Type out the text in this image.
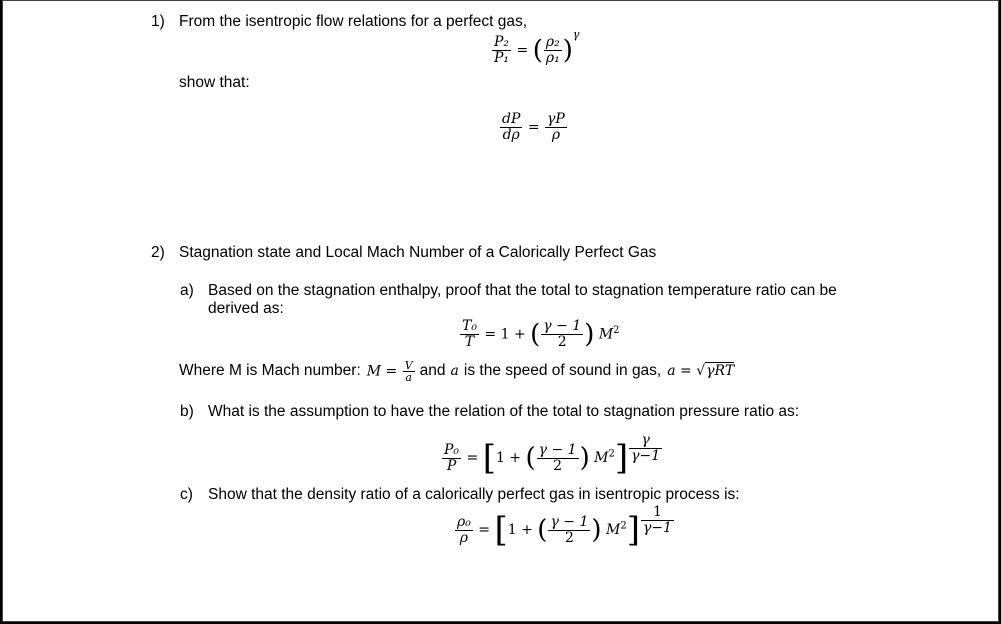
1) From the isentropic flow relations for a perfect gas,
$\frac{\text{P₂}}{\text{P₁}}$ = ( $\frac{\text{ρ₂}}{\text{ρ₁}} )^\gamma$
show that:
$\frac{dP}{d\rho} = \frac{\gamma P}{\rho}$
2) Stagnation state and Local Mach Number of a Calorically Perfect Gas
a) Based on the stagnation enthalpy, proof that the total to stagnation temperature ratio can be
derived as:
$\frac{\text{T₀}}{T} = 1$ + ( $\frac{\gamma - 1}{2}$ ) $M^2$
Where M is Mach number: $M = \frac{V}{a}$ and a is the speed of sound in gas, a = √γRT
b) What is the assumption to have the relation of the total to stagnation pressure ratio as:
$\frac{\text{P₀}}{P} = [1$ + ( $\frac{\gamma - 1}{2}$ ) $M^2] \frac{\gamma}{\gamma-1}$
c) Show that the density ratio of a calorically perfect gas in isentropic process is:
$\frac{\text{ρ₀}}{\rho} = [1$ + ( $\frac{\gamma - 1}{2}$ ) $M^2] \frac{1}{\gamma-1}$
